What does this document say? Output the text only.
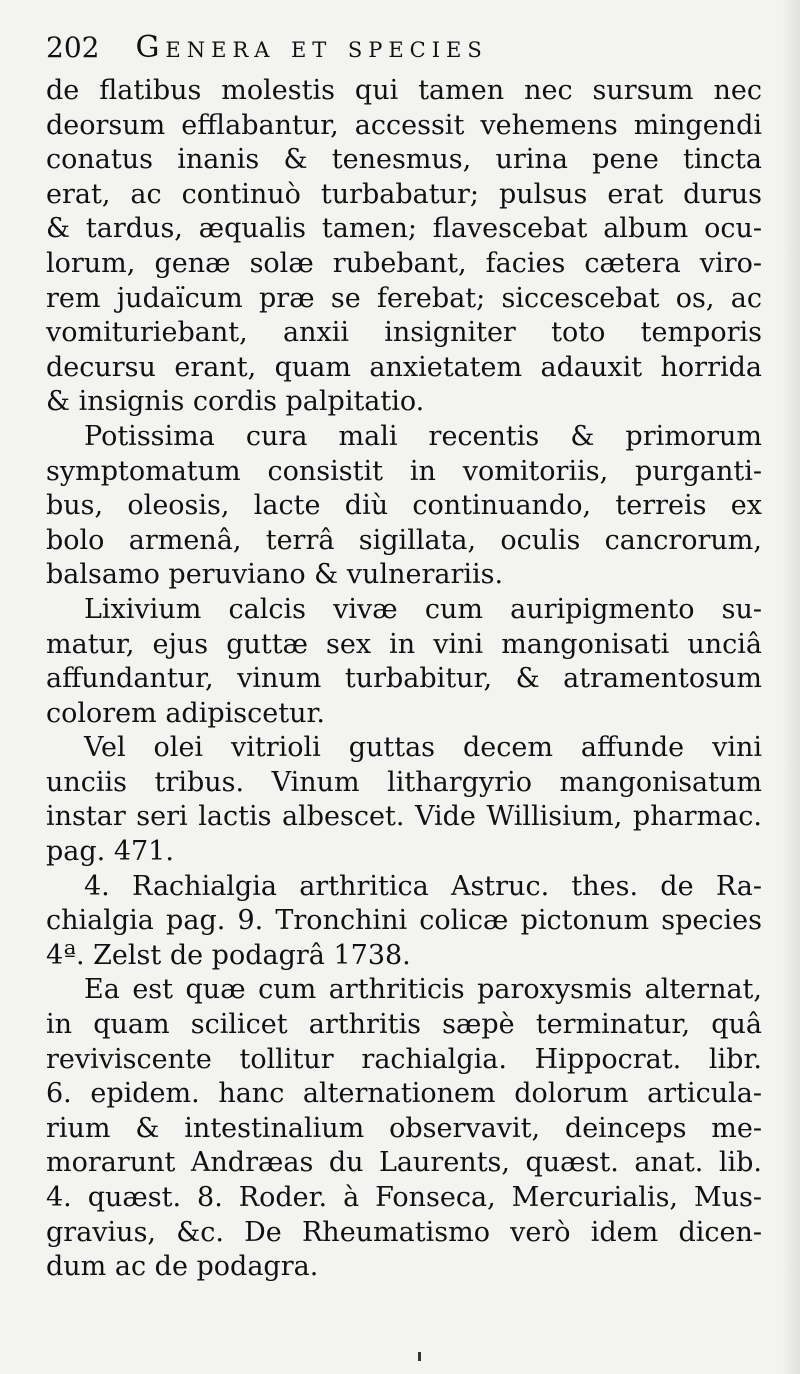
202 Genera et species
de flatibus molestis qui tamen nec sursum nec
deorsum efflabantur, accessit vehemens mingendi
conatus inanis & tenesmus, urina pene tincta
erat, ac continuò turbabatur; pulsus erat durus
& tardus, æqualis tamen; flavescebat album ocu-
lorum, genæ solæ rubebant, facies cætera viro-
rem judaïcum præ se ferebat; siccescebat os, ac
vomituriebant, anxii insigniter toto temporis
decursu erant, quam anxietatem adauxit horrida
& insignis cordis palpitatio.
Potissima cura mali recentis & primorum
symptomatum consistit in vomitoriis, purganti-
bus, oleosis, lacte diù continuando, terreis ex
bolo armenâ, terrâ sigillata, oculis cancrorum,
balsamo peruviano & vulnerariis.
Lixivium calcis vivæ cum auripigmento su-
matur, ejus guttæ sex in vini mangonisati unciâ
affundantur, vinum turbabitur, & atramentosum
colorem adipiscetur.
Vel olei vitrioli guttas decem affunde vini
unciis tribus. Vinum lithargyrio mangonisatum
instar seri lactis albescet. Vide Willisium, pharmac.
pag. 471.
4. Rachialgia arthritica Astruc. thes. de Ra-
chialgia pag. 9. Tronchini colicæ pictonum species
4ª. Zelst de podagrâ 1738.
Ea est quæ cum arthriticis paroxysmis alternat,
in quam scilicet arthritis sæpè terminatur, quâ
reviviscente tollitur rachialgia. Hippocrat. libr.
6. epidem. hanc alternationem dolorum articula-
rium & intestinalium observavit, deinceps me-
morarunt Andræas du Laurents, quæst. anat. lib.
4. quæst. 8. Roder. à Fonseca, Mercurialis, Mus-
gravius, &c. De Rheumatismo verò idem dicen-
dum ac de podagra.
